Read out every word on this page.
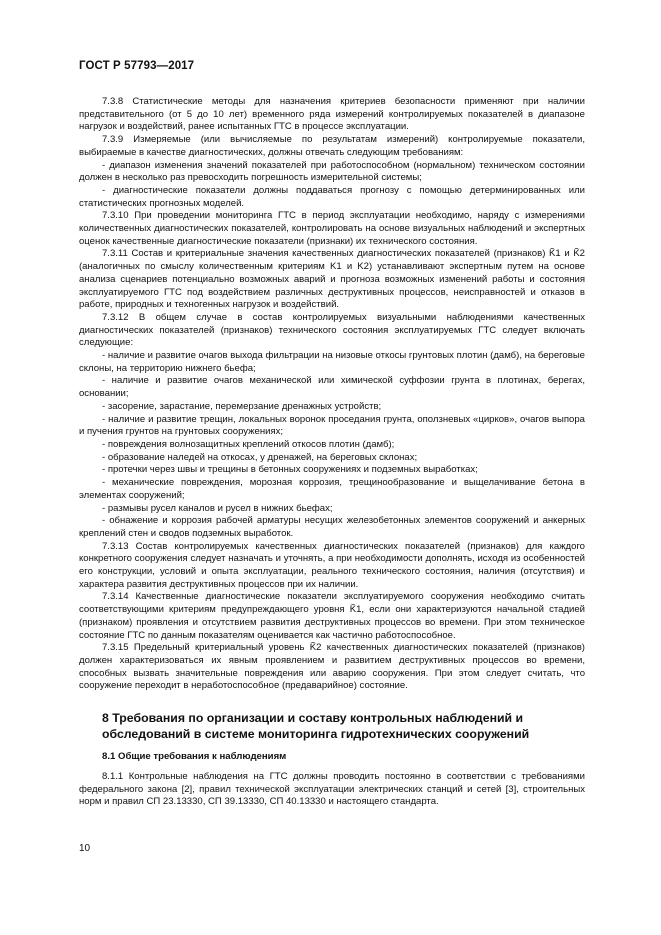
ГОСТ Р 57793—2017

7.3.8 Статистические методы для назначения критериев безопасности применяют при наличии представительного (от 5 до 10 лет) временного ряда измерений контролируемых показателей в диапазоне нагрузок и воздействий, ранее испытанных ГТС в процессе эксплуатации.

7.3.9 Измеряемые (или вычисляемые по результатам измерений) контролируемые показатели, выбираемые в качестве диагностических, должны отвечать следующим требованиям:

- диапазон изменения значений показателей при работоспособном (нормальном) техническом состоянии должен в несколько раз превосходить погрешность измерительной системы;

- диагностические показатели должны поддаваться прогнозу с помощью детерминированных или статистических прогнозных моделей.

7.3.10 При проведении мониторинга ГТС в период эксплуатации необходимо, наряду с измерениями количественных диагностических показателей, контролировать на основе визуальных наблюдений и экспертных оценок качественные диагностические показатели (признаки) их технического состояния.

7.3.11 Состав и критериальные значения качественных диагностических показателей (признаков) K̃1 и K̃2 (аналогичных по смыслу количественным критериям K1 и K2) устанавливают экспертным путем на основе анализа сценариев потенциально возможных аварий и прогноза возможных изменений работы и состояния эксплуатируемого ГТС под воздействием различных деструктивных процессов, неисправностей и отказов в работе, природных и техногенных нагрузок и воздействий.

7.3.12 В общем случае в состав контролируемых визуальными наблюдениями качественных диагностических показателей (признаков) технического состояния эксплуатируемых ГТС следует включать следующие:

- наличие и развитие очагов выхода фильтрации на низовые откосы грунтовых плотин (дамб), на береговые склоны, на территорию нижнего бьефа;

- наличие и развитие очагов механической или химической суффозии грунта в плотинах, берегах, основании;

- засорение, зарастание, перемерзание дренажных устройств;

- наличие и развитие трещин, локальных воронок проседания грунта, оползневых «цирков», очагов выпора и пучения грунтов на грунтовых сооружениях;

- повреждения волнозащитных креплений откосов плотин (дамб);

- образование наледей на откосах, у дренажей, на береговых склонах;

- протечки через швы и трещины в бетонных сооружениях и подземных выработках;

- механические повреждения, морозная коррозия, трещинообразование и выщелачивание бетона в элементах сооружений;

- размывы русел каналов и русел в нижних бьефах;

- обнажение и коррозия рабочей арматуры несущих железобетонных элементов сооружений и анкерных креплений стен и сводов подземных выработок.

7.3.13 Состав контролируемых качественных диагностических показателей (признаков) для каждого конкретного сооружения следует назначать и уточнять, а при необходимости дополнять, исходя из особенностей его конструкции, условий и опыта эксплуатации, реального технического состояния, наличия (отсутствия) и характера развития деструктивных процессов при их наличии.

7.3.14 Качественные диагностические показатели эксплуатируемого сооружения необходимо считать соответствующими критериям предупреждающего уровня K̃1, если они характеризуются начальной стадией (признаком) проявления и отсутствием развития деструктивных процессов во времени. При этом техническое состояние ГТС по данным показателям оценивается как частично работоспособное.

7.3.15 Предельный критериальный уровень K̃2 качественных диагностических показателей (признаков) должен характеризоваться их явным проявлением и развитием деструктивных процессов во времени, способных вызвать значительные повреждения или аварию сооружения. При этом следует считать, что сооружение переходит в неработоспособное (предаварийное) состояние.

8 Требования по организации и составу контрольных наблюдений и обследований в системе мониторинга гидротехнических сооружений

8.1 Общие требования к наблюдениям

8.1.1 Контрольные наблюдения на ГТС должны проводить постоянно в соответствии с требованиями федерального закона [2], правил технической эксплуатации электрических станций и сетей [3], строительных норм и правил СП 23.13330, СП 39.13330, СП 40.13330 и настоящего стандарта.

10
